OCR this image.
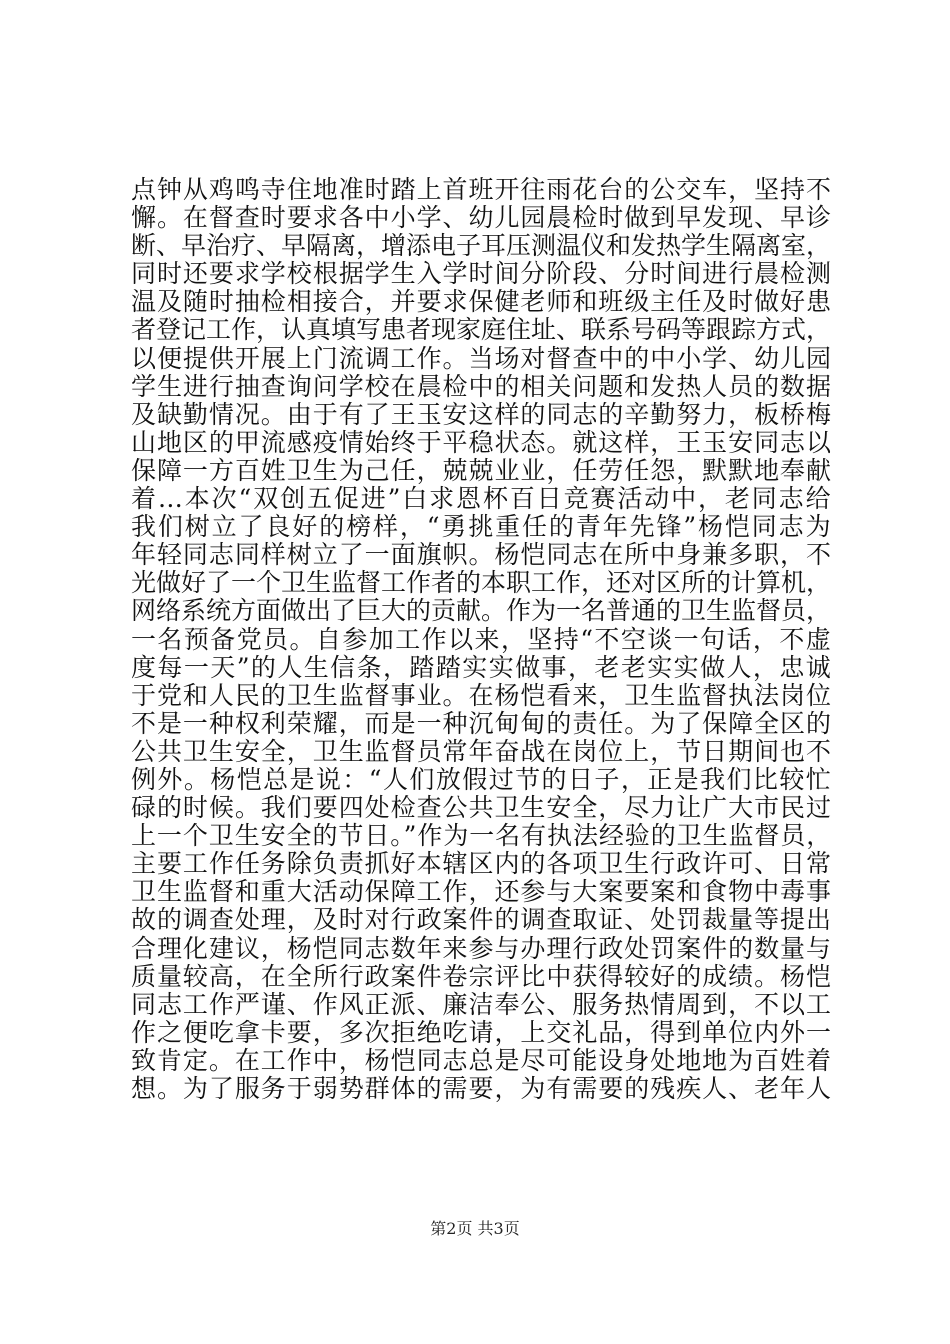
点钟从鸡鸣寺住地准时踏上首班开往雨花台的公交车，坚持不
懈。在督查时要求各中小学、幼儿园晨检时做到早发现、早诊
断、早治疗、早隔离，增添电子耳压测温仪和发热学生隔离室，
同时还要求学校根据学生入学时间分阶段、分时间进行晨检测
温及随时抽检相接合，并要求保健老师和班级主任及时做好患
者登记工作，认真填写患者现家庭住址、联系号码等跟踪方式，
以便提供开展上门流调工作。当场对督查中的中小学、幼儿园
学生进行抽查询问学校在晨检中的相关问题和发热人员的数据
及缺勤情况。由于有了王玉安这样的同志的辛勤努力，板桥梅
山地区的甲流感疫情始终于平稳状态。就这样，王玉安同志以
保障一方百姓卫生为己任，兢兢业业，任劳任怨，默默地奉献
着…本次“双创五促进”白求恩杯百日竞赛活动中，老同志给
我们树立了良好的榜样，“勇挑重任的青年先锋”杨恺同志为
年轻同志同样树立了一面旗帜。杨恺同志在所中身兼多职，不
光做好了一个卫生监督工作者的本职工作，还对区所的计算机，
网络系统方面做出了巨大的贡献。作为一名普通的卫生监督员，
一名预备党员。自参加工作以来，坚持“不空谈一句话，不虚
度每一天”的人生信条，踏踏实实做事，老老实实做人，忠诚
于党和人民的卫生监督事业。在杨恺看来，卫生监督执法岗位
不是一种权利荣耀，而是一种沉甸甸的责任。为了保障全区的
公共卫生安全，卫生监督员常年奋战在岗位上，节日期间也不
例外。杨恺总是说：“人们放假过节的日子，正是我们比较忙
碌的时候。我们要四处检查公共卫生安全，尽力让广大市民过
上一个卫生安全的节日。”作为一名有执法经验的卫生监督员，
主要工作任务除负责抓好本辖区内的各项卫生行政许可、日常
卫生监督和重大活动保障工作，还参与大案要案和食物中毒事
故的调查处理，及时对行政案件的调查取证、处罚裁量等提出
合理化建议，杨恺同志数年来参与办理行政处罚案件的数量与
质量较高，在全所行政案件卷宗评比中获得较好的成绩。杨恺
同志工作严谨、作风正派、廉洁奉公、服务热情周到，不以工
作之便吃拿卡要，多次拒绝吃请，上交礼品，得到单位内外一
致肯定。在工作中，杨恺同志总是尽可能设身处地地为百姓着
想。为了服务于弱势群体的需要，为有需要的残疾人、老年人
第2页 共3页
